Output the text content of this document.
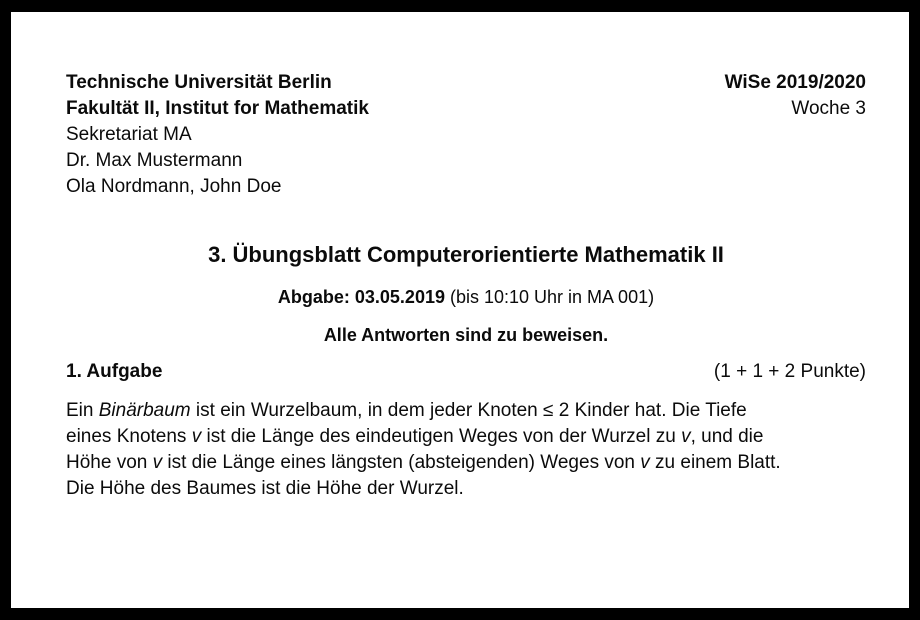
Technische Universität Berlin
Fakultät II, Institut for Mathematik
Sekretariat MA
Dr. Max Mustermann
Ola Nordmann, John Doe
WiSe 2019/2020
Woche 3
3. Übungsblatt Computerorientierte Mathematik II
Abgabe: 03.05.2019 (bis 10:10 Uhr in MA 001)
Alle Antworten sind zu beweisen.
1. Aufgabe	(1 + 1 + 2 Punkte)
Ein Binärbaum ist ein Wurzelbaum, in dem jeder Knoten ≤ 2 Kinder hat. Die Tiefe
eines Knotens v ist die Länge des eindeutigen Weges von der Wurzel zu v, und die
Höhe von v ist die Länge eines längsten (absteigenden) Weges von v zu einem Blatt.
Die Höhe des Baumes ist die Höhe der Wurzel.
